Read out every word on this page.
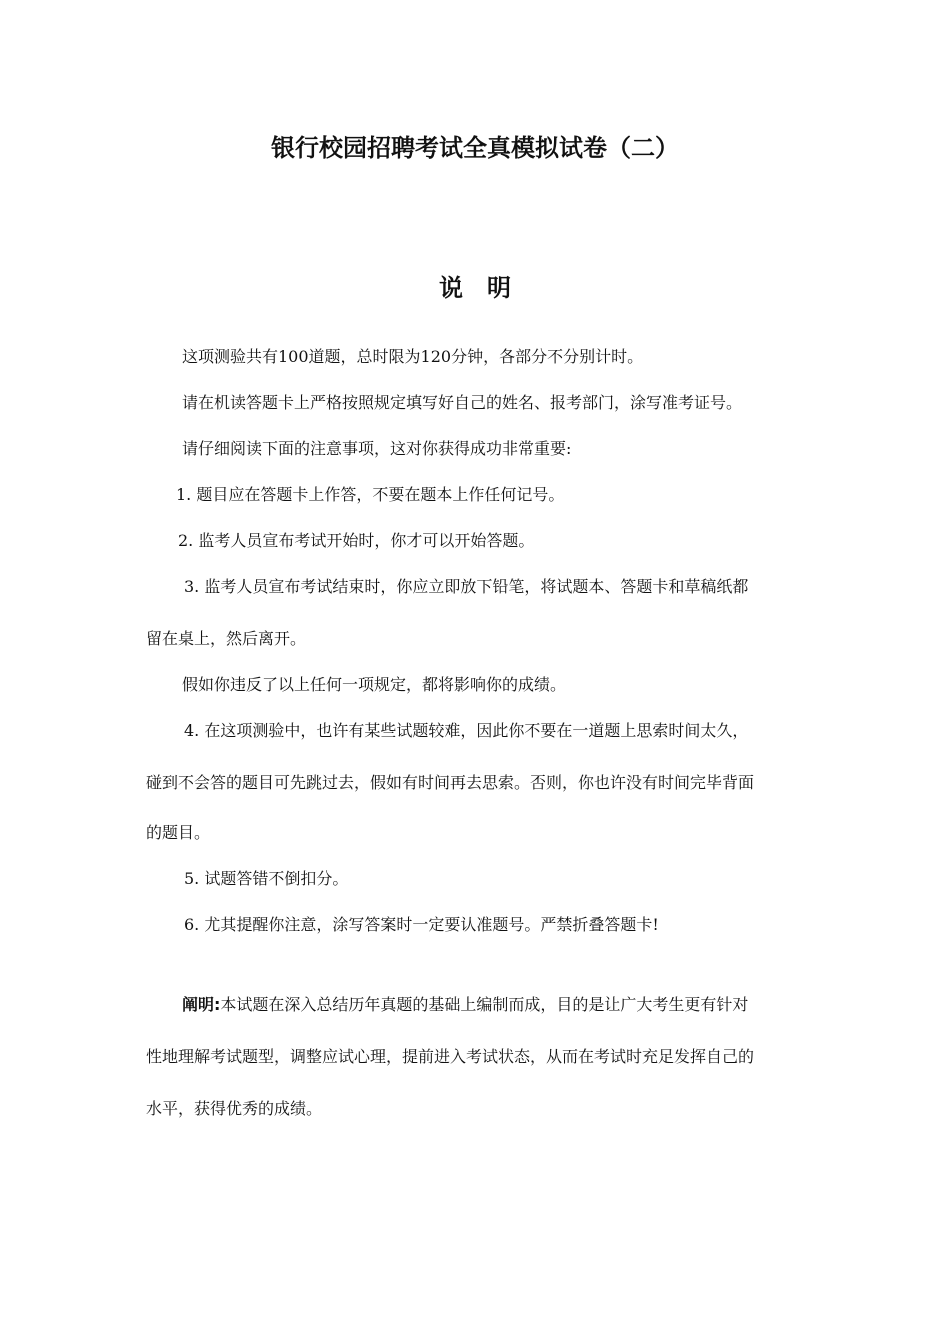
银行校园招聘考试全真模拟试卷（二）
说明
这项测验共有100道题，总时限为120分钟，各部分不分别计时。
请在机读答题卡上严格按照规定填写好自己的姓名、报考部门，涂写准考证号。
请仔细阅读下面的注意事项，这对你获得成功非常重要:
1. 题目应在答题卡上作答，不要在题本上作任何记号。
2. 监考人员宣布考试开始时，你才可以开始答题。
3. 监考人员宣布考试结束时，你应立即放下铅笔，将试题本、答题卡和草稿纸都
留在桌上，然后离开。
假如你违反了以上任何一项规定，都将影响你的成绩。
4. 在这项测验中，也许有某些试题较难，因此你不要在一道题上思索时间太久，
碰到不会答的题目可先跳过去，假如有时间再去思索。否则，你也许没有时间完毕背面
的题目。
5. 试题答错不倒扣分。
6. 尤其提醒你注意，涂写答案时一定要认准题号。严禁折叠答题卡!
阐明:本试题在深入总结历年真题的基础上编制而成，目的是让广大考生更有针对
性地理解考试题型，调整应试心理，提前进入考试状态，从而在考试时充足发挥自己的
水平，获得优秀的成绩。
